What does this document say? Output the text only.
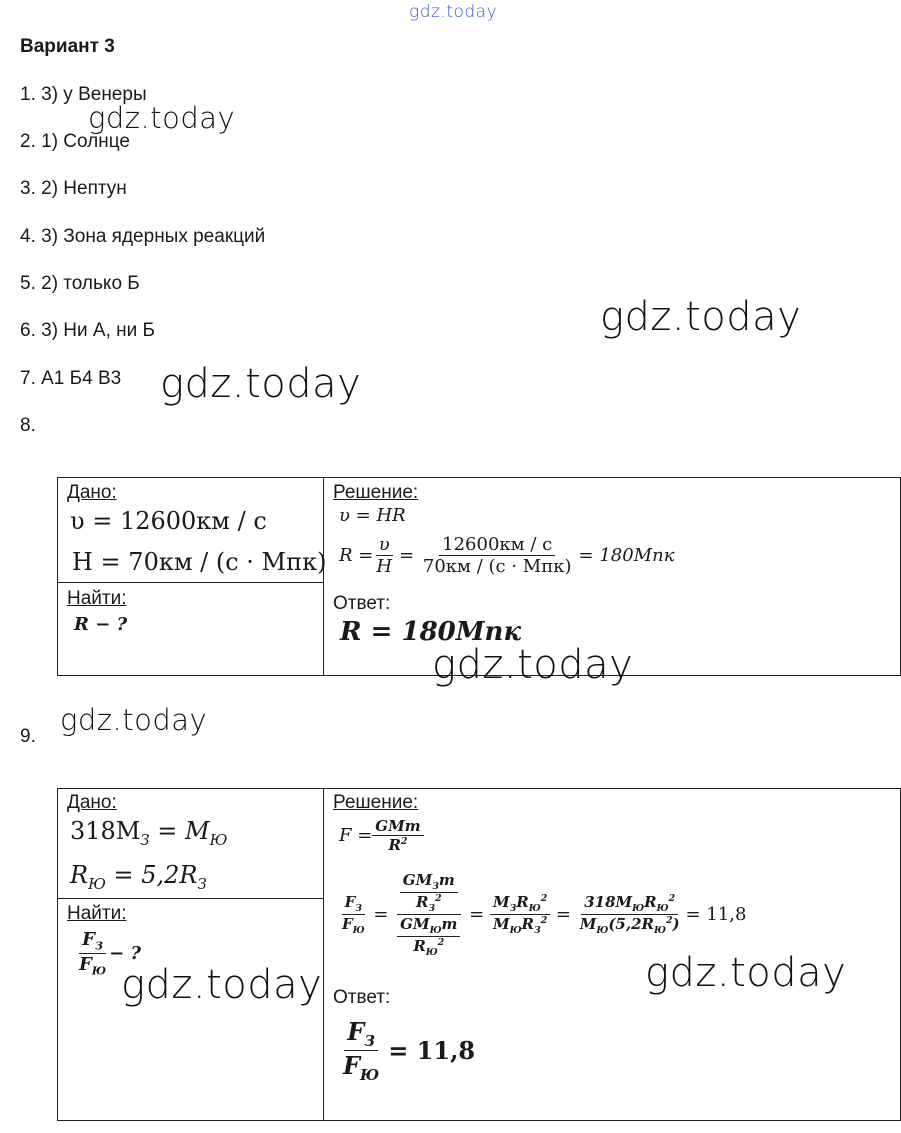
gdz.today
Вариант 3
1. 3) у Венеры
2. 1) Солнце
3. 2) Нептун
4. 3) Зона ядерных реакций
5. 2) только Б
6. 3) Ни А, ни Б
7. А1 Б4 В3
8.
gdz.today
gdz.today
gdz.today
Дано:
υ = 12600км / с
H = 70км / (с · Мпк)
Найти:
R − ?
Решение:
υ = HR
$R = \frac{\upsilon}{H} = \frac{12600км / с}{\text{70км / (с · Мпк)}} = 180Мпк$
Ответ:
R = 180Мпк
gdz.today
9. gdz.today
Дано:
$318M_З = M_Ю$
$R_Ю = 5,2R_З$
Найти:
$\frac{F_З}{F_Ю}$ − ?
Решение:
$F = \frac{\text{GMm}}{R^2}$
$\frac{F_З}{F_Ю} = \frac{\frac{GM_Зm}{R_З^2}}{\frac{GM_Юm}{R_Ю^2}} = \frac{M_ЗR_Ю^2}{M_ЮR_З^2} = \frac{318M_ЮR_Ю^2}{M_Ю(5,2R_Ю^2)} = 11,8$
Ответ:
$\frac{F_З}{F_Ю} = 11,8$
gdz.today	gdz.today
